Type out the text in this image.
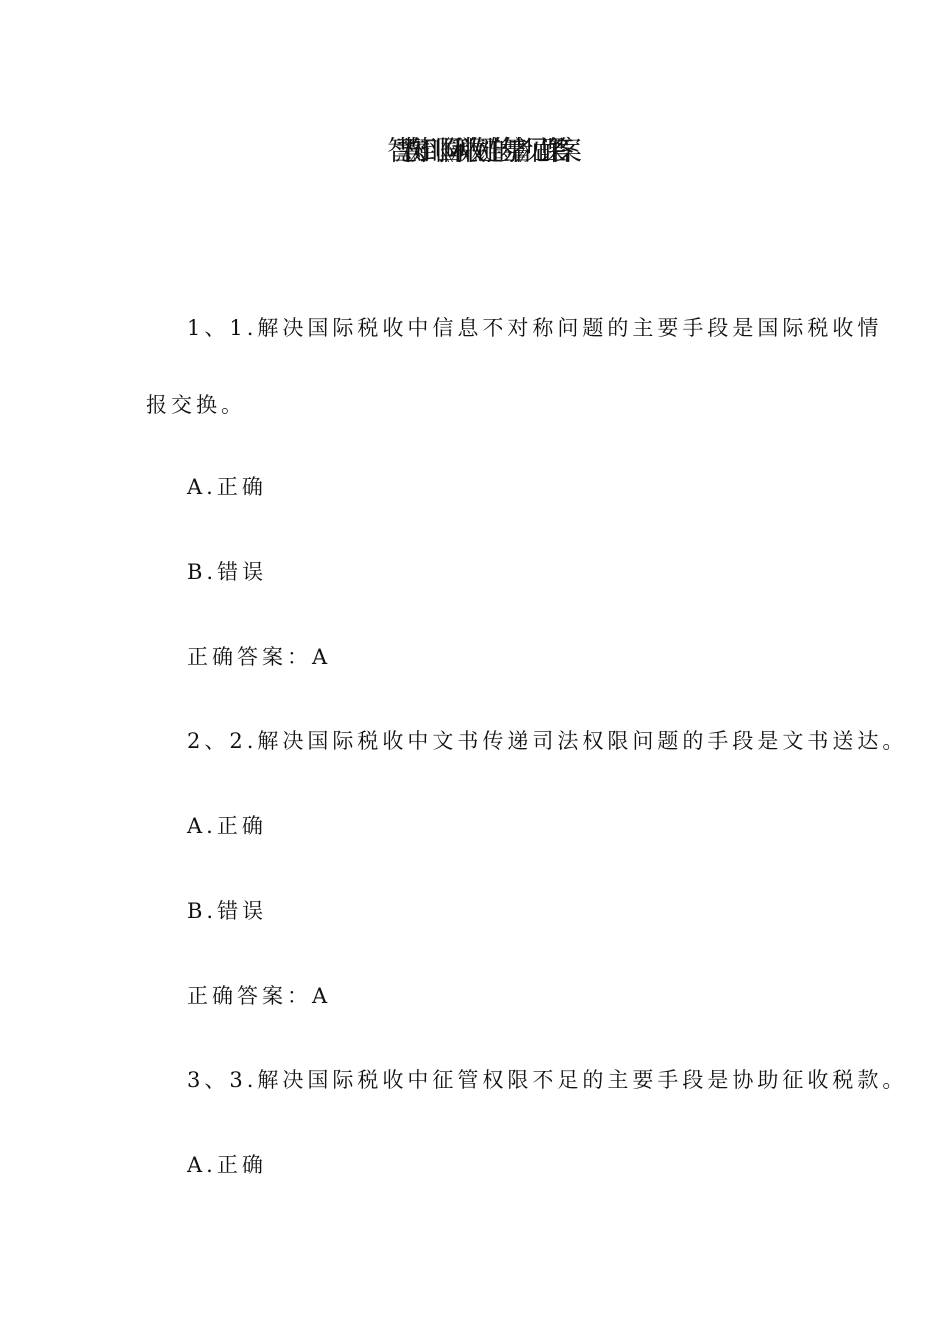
智慧树知到《国际税收网链上的舞者》见面课答案
1、1.解决国际税收中信息不对称问题的主要手段是国际税收情
报交换。
A.正确
B.错误
正确答案：A
2、2.解决国际税收中文书传递司法权限问题的手段是文书送达。
A.正确
B.错误
正确答案：A
3、3.解决国际税收中征管权限不足的主要手段是协助征收税款。
A.正确
